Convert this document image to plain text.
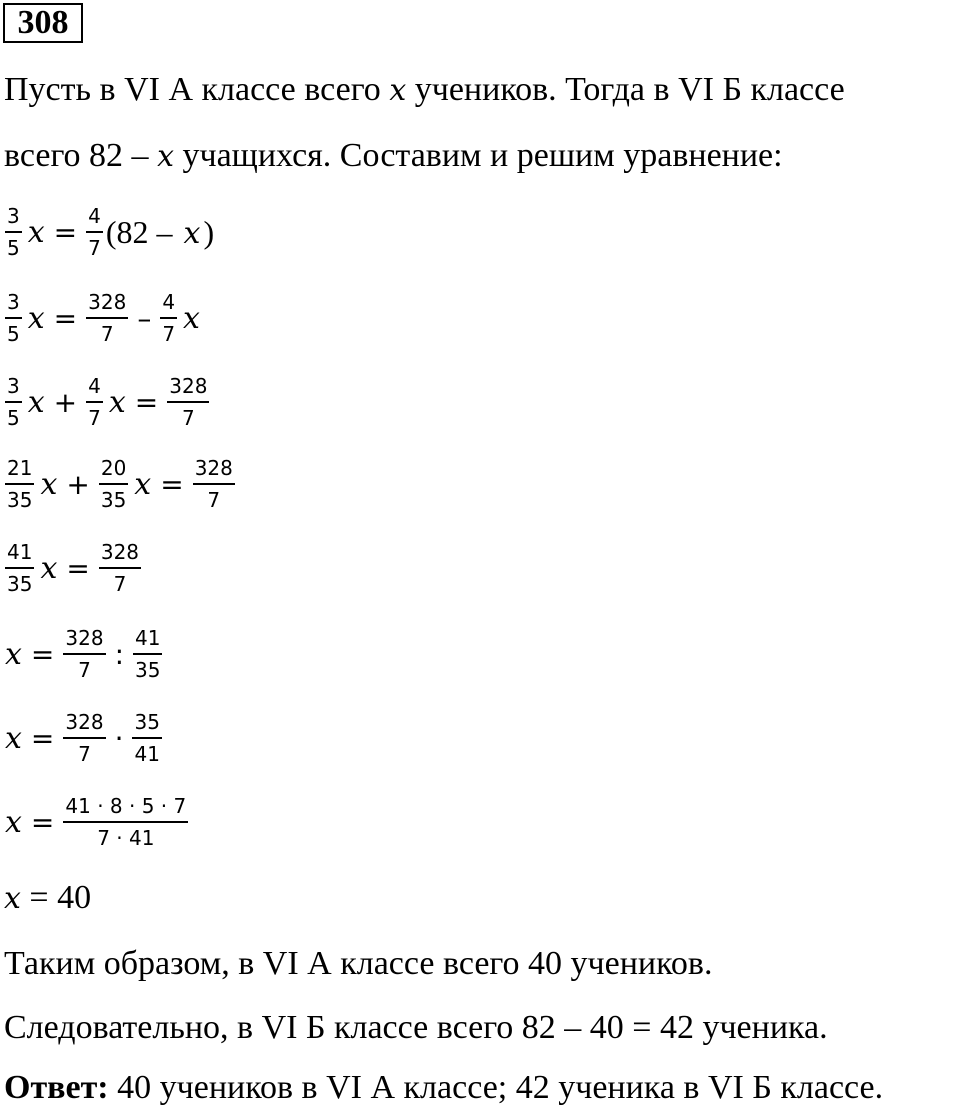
308
Пусть в VI А классе всего x учеников. Тогда в VI Б классе
всего 82 – x учащихся. Составим и решим уравнение:
$\frac{3}{5}$ $x = \frac{4}{7} (82 - x)$
$\frac{3}{5}$ $x = \frac{328}{7} - \frac{4}{7}$ x
$\frac{3}{5}$ $x + \frac{4}{7}$ $x = \frac{328}{7}$
$\frac{21}{35}$ $x + \frac{20}{35}$ $x = \frac{328}{7}$
$\frac{41}{35}$ $x = \frac{328}{7}$
$x = \frac{328}{7}$ : $\frac{41}{35}$
$x = \frac{328}{7} \cdot \frac{35}{41}$
$x = \frac{41 \cdot 8 \cdot 5 \cdot 7}{7 \cdot 41}$
x = 40
Таким образом, в VI А классе всего 40 учеников.
Следовательно, в VI Б классе всего 82 – 40 = 42 ученика.
Ответ: 40 учеников в VI А классе; 42 ученика в VI Б классе.
